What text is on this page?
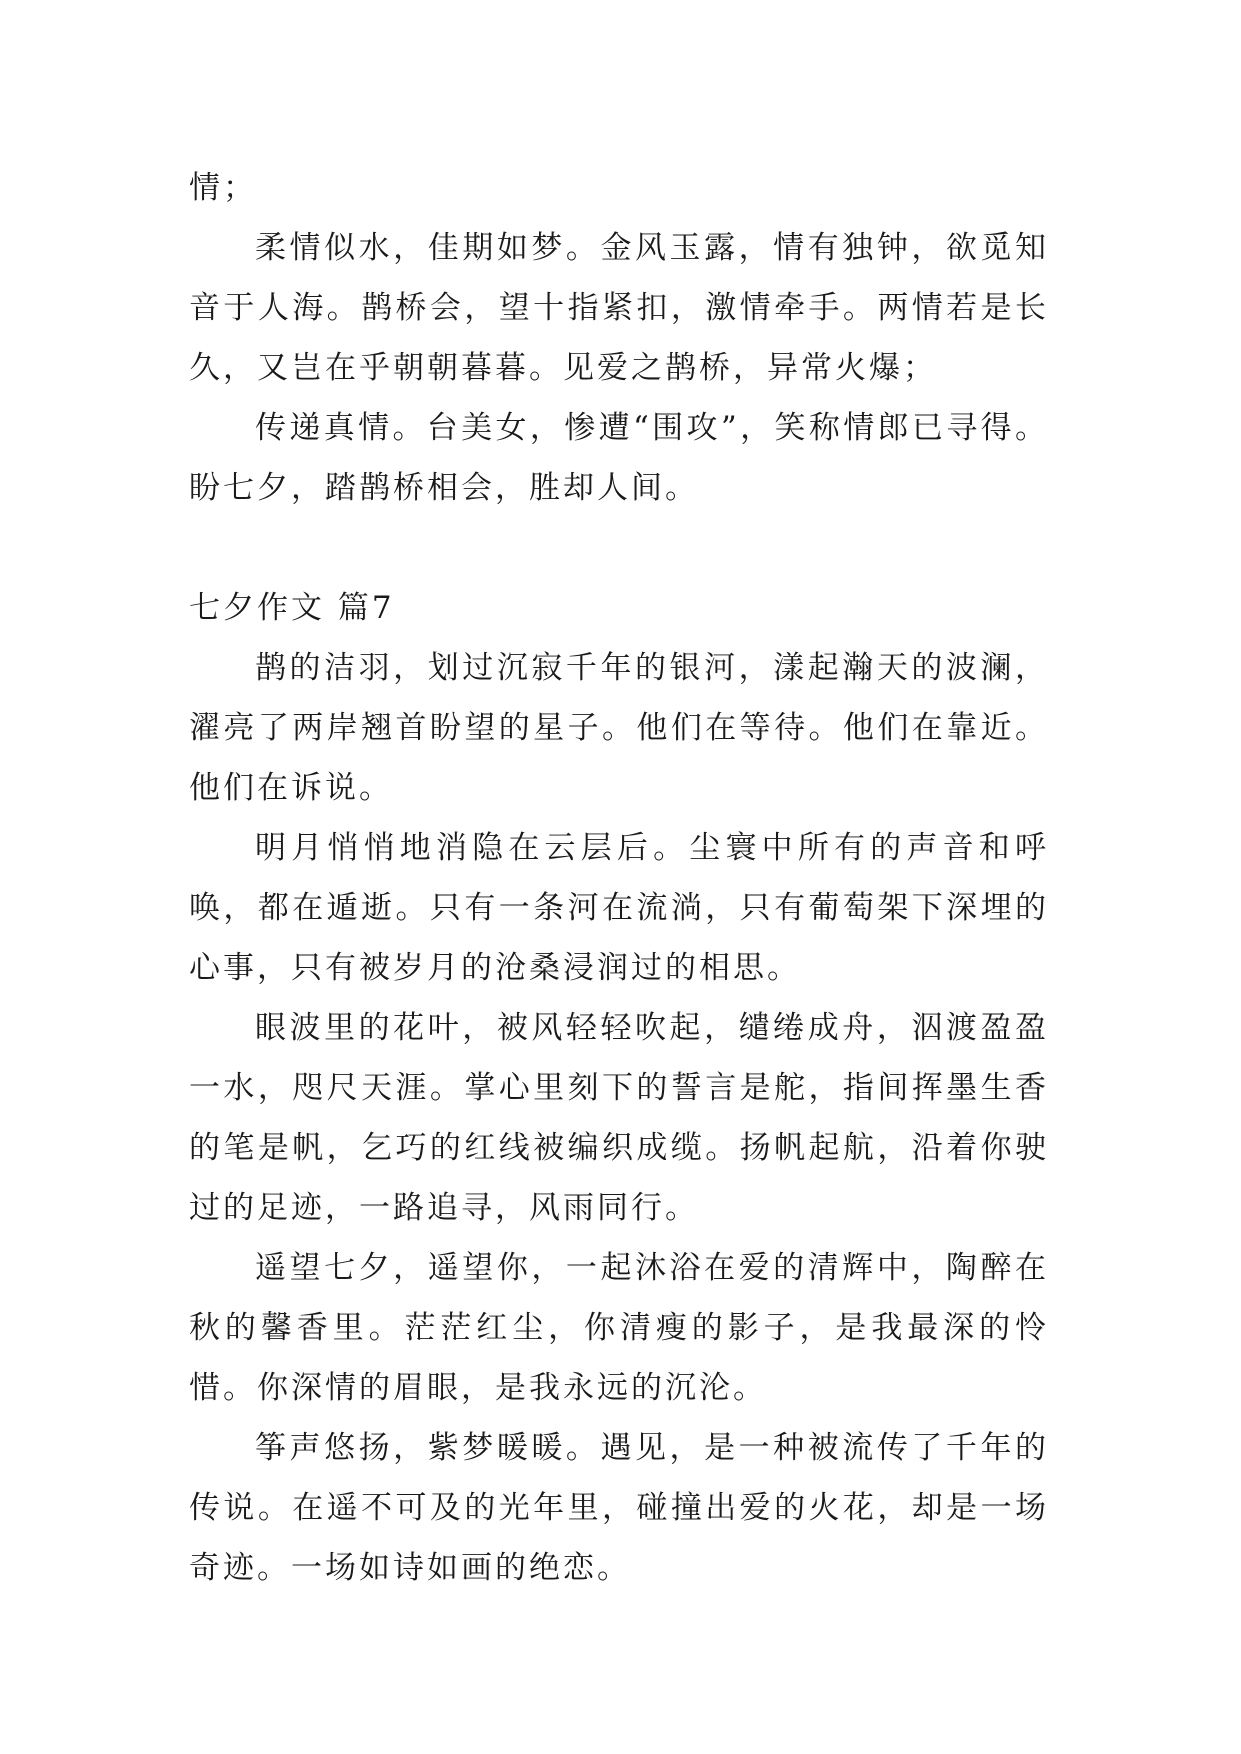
情；

柔情似水，佳期如梦。金风玉露，情有独钟，欲觅知音于人海。鹊桥会，望十指紧扣，激情牵手。两情若是长久，又岂在乎朝朝暮暮。见爱之鹊桥，异常火爆；

传递真情。台美女，惨遭“围攻”，笑称情郎已寻得。盼七夕，踏鹊桥相会，胜却人间。

七夕作文 篇7

鹊的洁羽，划过沉寂千年的银河，漾起瀚天的波澜，濯亮了两岸翘首盼望的星子。他们在等待。他们在靠近。他们在诉说。

明月悄悄地消隐在云层后。尘寰中所有的声音和呼唤，都在遁逝。只有一条河在流淌，只有葡萄架下深埋的心事，只有被岁月的沧桑浸润过的相思。

眼波里的花叶，被风轻轻吹起，缱绻成舟，泅渡盈盈一水，咫尺天涯。掌心里刻下的誓言是舵，指间挥墨生香的笔是帆，乞巧的红线被编织成缆。扬帆起航，沿着你驶过的足迹，一路追寻，风雨同行。

遥望七夕，遥望你，一起沐浴在爱的清辉中，陶醉在秋的馨香里。茫茫红尘，你清瘦的影子，是我最深的怜惜。你深情的眉眼，是我永远的沉沦。

筝声悠扬，紫梦暖暖。遇见，是一种被流传了千年的传说。在遥不可及的光年里，碰撞出爱的火花，却是一场奇迹。一场如诗如画的绝恋。
